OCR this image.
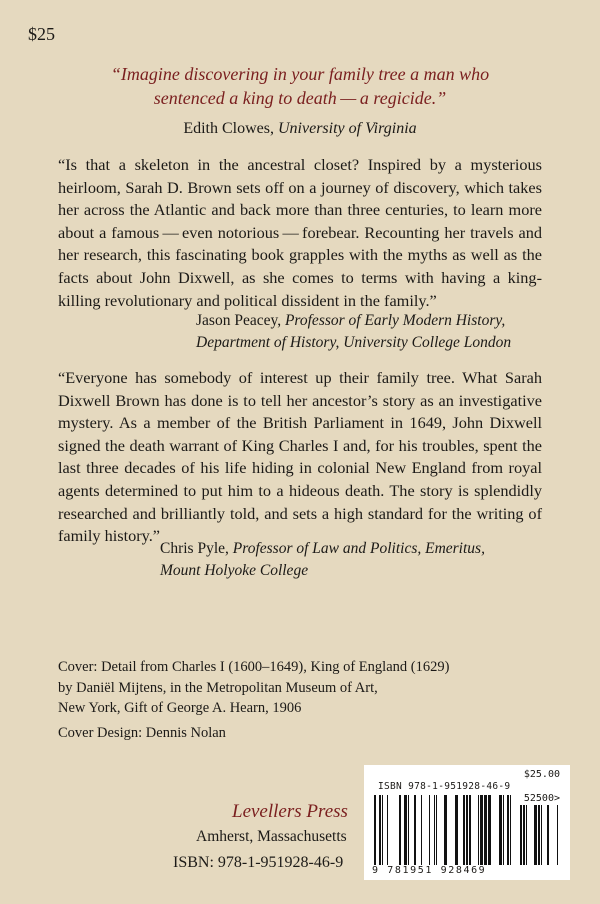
$25
“Imagine discovering in your family tree a man who
sentenced a king to death — a regicide.”
Edith Clowes, University of Virginia
“Is that a skeleton in the ancestral closet? Inspired by a mysterious heirloom, Sarah D. Brown sets off on a journey of discovery, which takes her across the Atlantic and back more than three centuries, to learn more about a famous — even notorious — forebear. Recounting her travels and her research, this fascinating book grapples with the myths as well as the facts about John Dixwell, as she comes to terms with having a king-killing revolutionary and political dissident in the family.”
Jason Peacey, Professor of Early Modern History,
Department of History, University College London
“Everyone has somebody of interest up their family tree. What Sarah Dixwell Brown has done is to tell her ancestor’s story as an investigative mystery. As a member of the British Parliament in 1649, John Dixwell signed the death warrant of King Charles I and, for his troubles, spent the last three decades of his life hiding in colonial New England from royal agents determined to put him to a hideous death. The story is splendidly researched and brilliantly told, and sets a high standard for the writing of family history.”
Chris Pyle, Professor of Law and Politics, Emeritus,
Mount Holyoke College
Cover: Detail from Charles I (1600–1649), King of England (1629)
by Daniël Mijtens, in the Metropolitan Museum of Art,
New York, Gift of George A. Hearn, 1906
Cover Design: Dennis Nolan
Levellers Press
Amherst, Massachusetts
ISBN: 978-1-951928-46-9
$25.00
ISBN 978-1-951928-46-9
52500>
9 781951 928469
